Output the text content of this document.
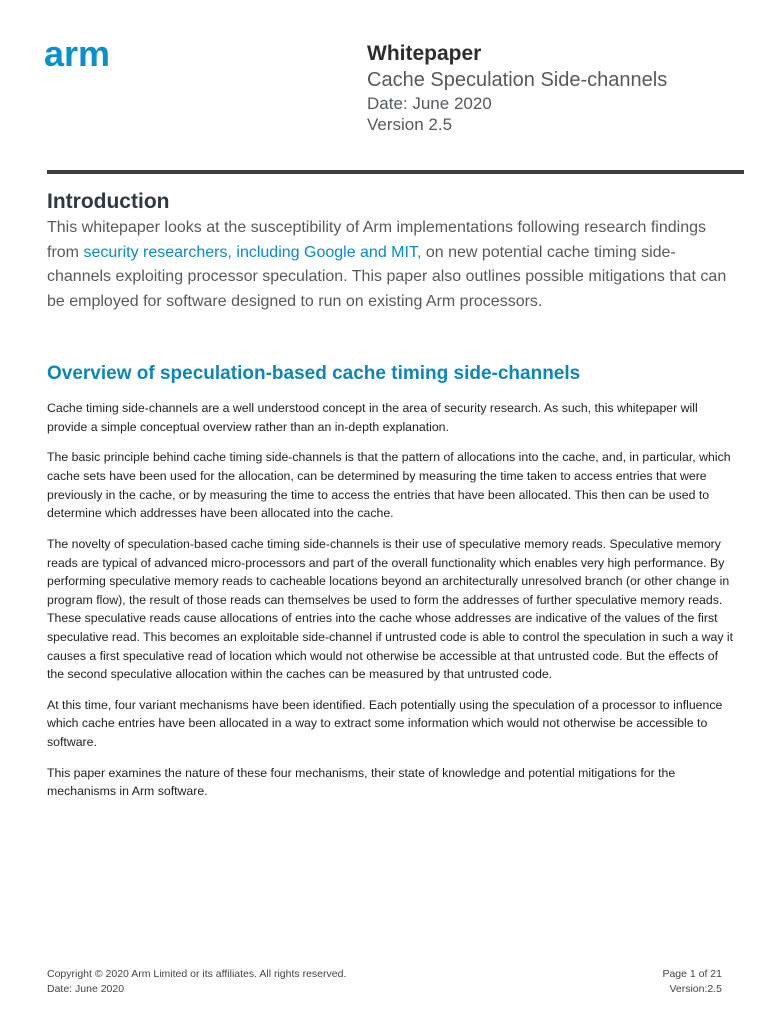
arm	Whitepaper
Cache Speculation Side-channels
Date: June 2020
Version 2.5
Introduction

This whitepaper looks at the susceptibility of Arm implementations following research findings from security researchers, including Google and MIT, on new potential cache timing side-channels exploiting processor speculation. This paper also outlines possible mitigations that can be employed for software designed to run on existing Arm processors.

Overview of speculation-based cache timing side-channels

Cache timing side-channels are a well understood concept in the area of security research. As such, this whitepaper will provide a simple conceptual overview rather than an in-depth explanation.

The basic principle behind cache timing side-channels is that the pattern of allocations into the cache, and, in particular, which cache sets have been used for the allocation, can be determined by measuring the time taken to access entries that were previously in the cache, or by measuring the time to access the entries that have been allocated. This then can be used to determine which addresses have been allocated into the cache.

The novelty of speculation-based cache timing side-channels is their use of speculative memory reads. Speculative memory reads are typical of advanced micro-processors and part of the overall functionality which enables very high performance. By performing speculative memory reads to cacheable locations beyond an architecturally unresolved branch (or other change in program flow), the result of those reads can themselves be used to form the addresses of further speculative memory reads. These speculative reads cause allocations of entries into the cache whose addresses are indicative of the values of the first speculative read. This becomes an exploitable side-channel if untrusted code is able to control the speculation in such a way it causes a first speculative read of location which would not otherwise be accessible at that untrusted code. But the effects of the second speculative allocation within the caches can be measured by that untrusted code.

At this time, four variant mechanisms have been identified. Each potentially using the speculation of a processor to influence which cache entries have been allocated in a way to extract some information which would not otherwise be accessible to software.

This paper examines the nature of these four mechanisms, their state of knowledge and potential mitigations for the mechanisms in Arm software.

Copyright © 2020 Arm Limited or its affiliates. All rights reserved.
Date: June 2020
Page 1 of 21
Version:2.5
